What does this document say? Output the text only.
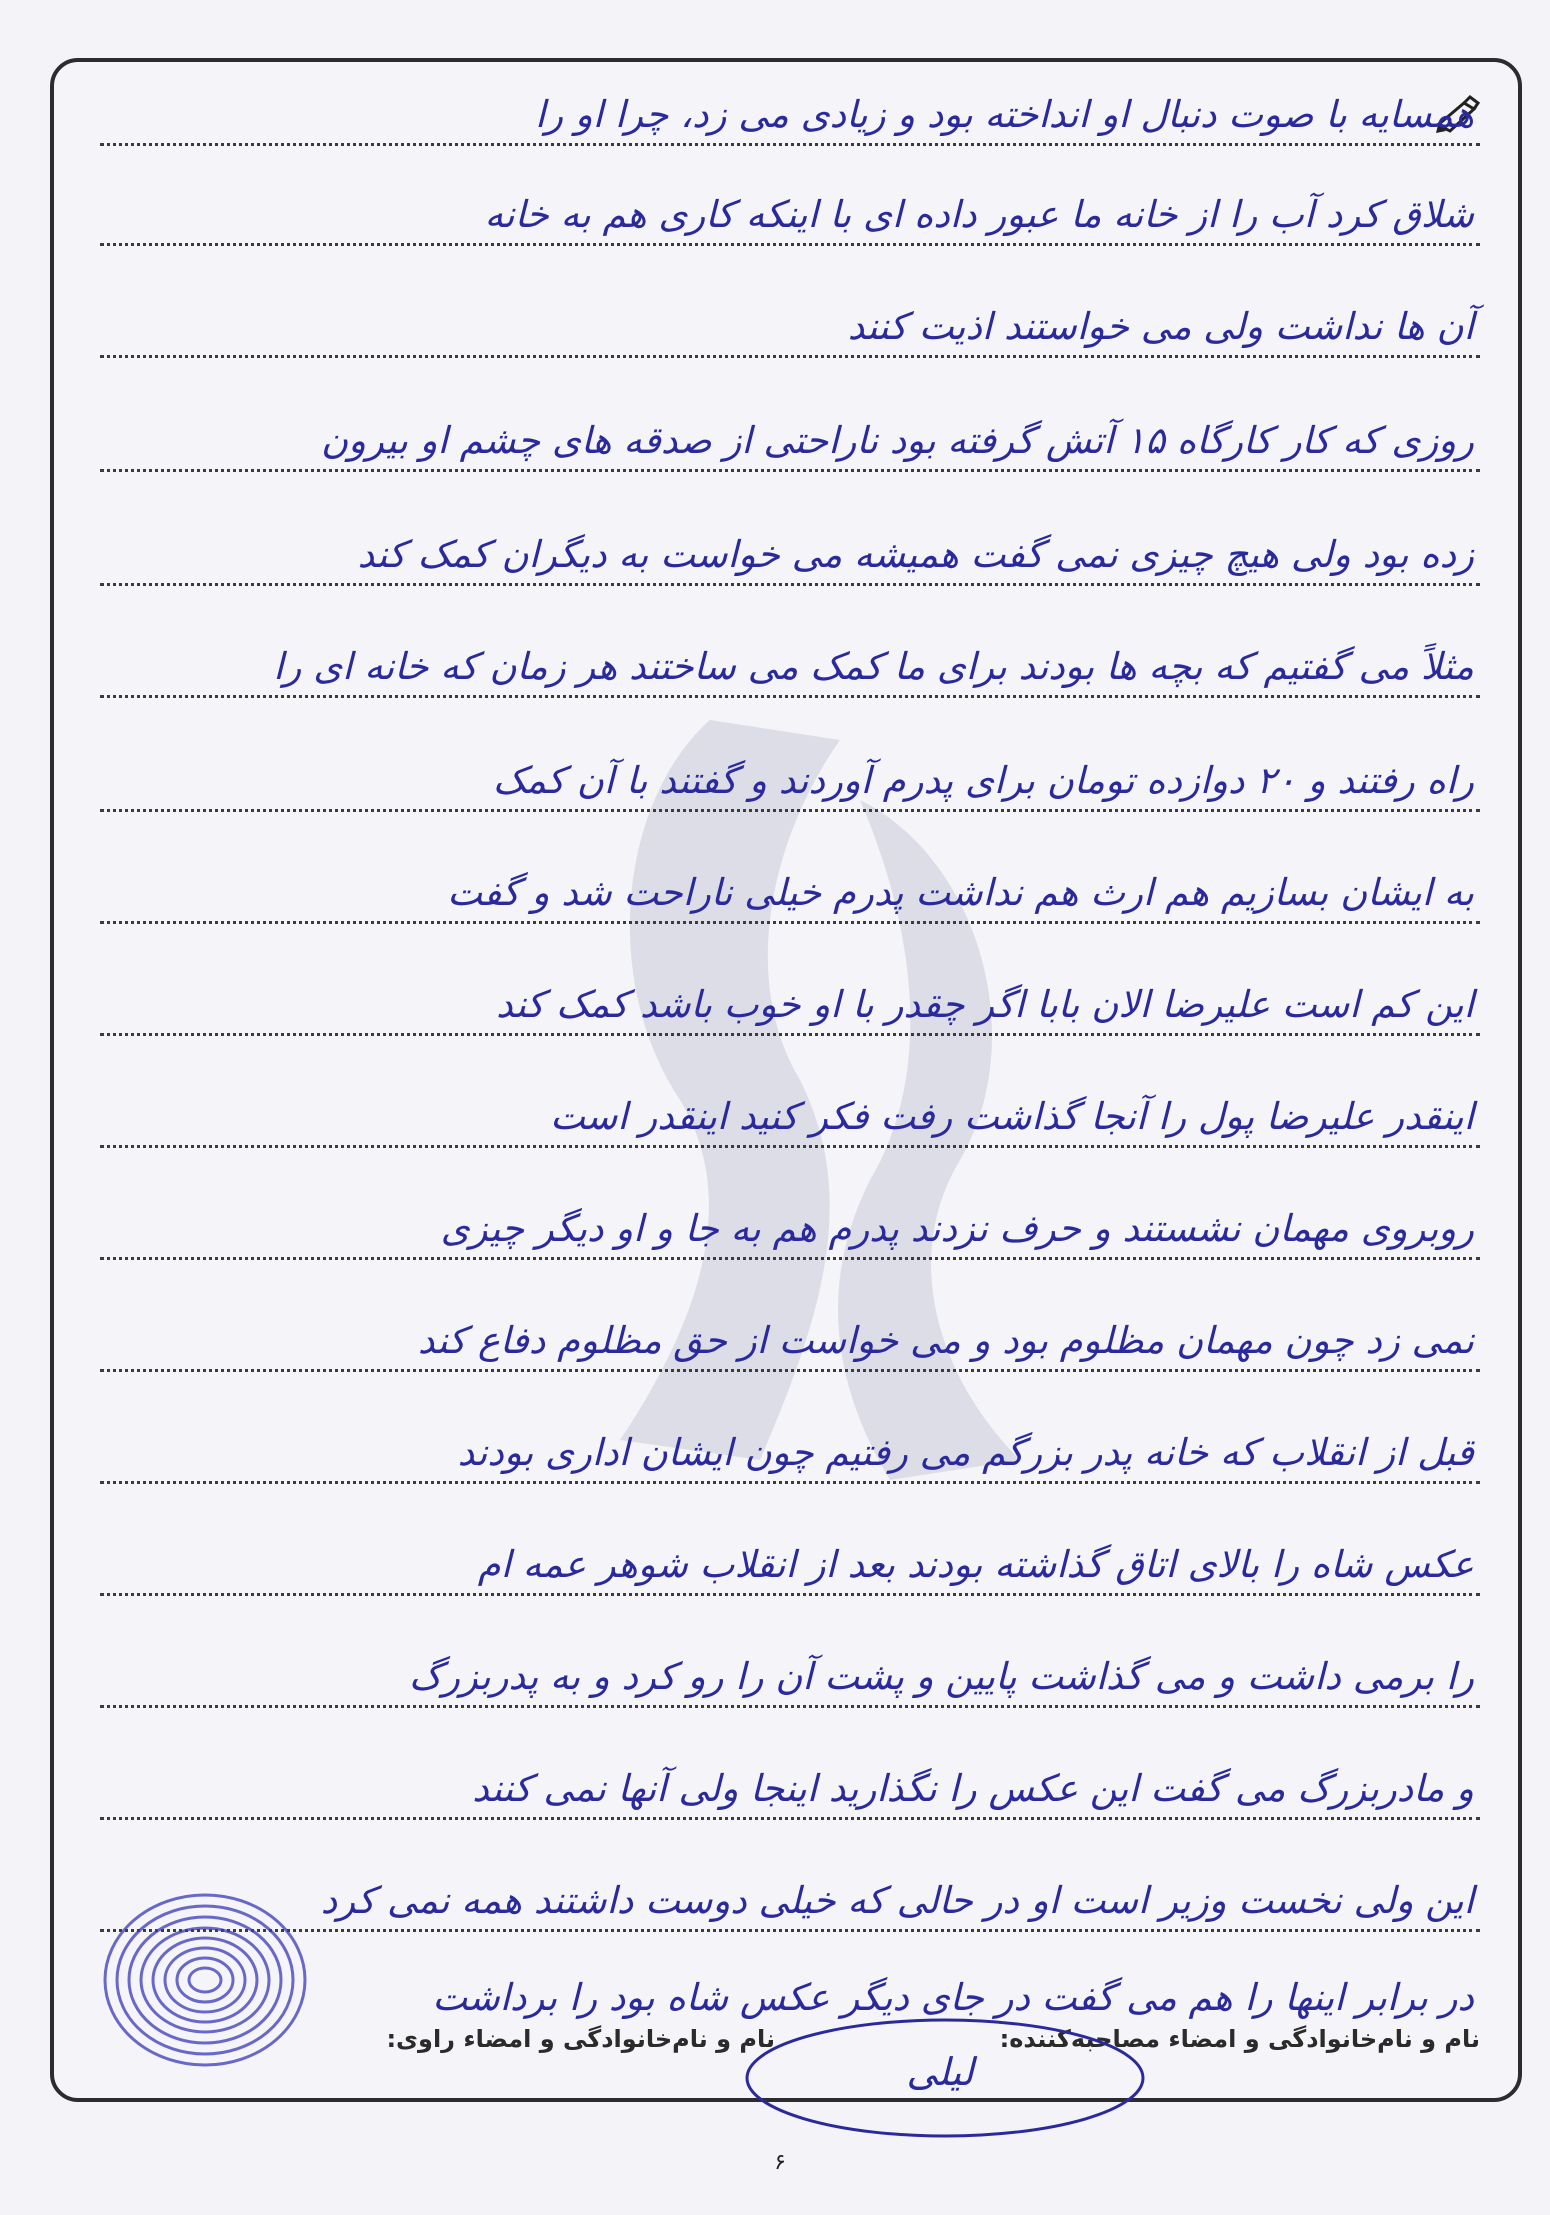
همسایه با صوت دنبال او انداخته بود و زیادی می زد، چرا او را
شلاق کرد آب را از خانه ما عبور داده ای با اینکه کاری هم به خانه
آن ها نداشت ولی می خواستند اذیت کنند
روزی که کار کارگاه ۱۵ آتش گرفته بود ناراحتی از صدقه های چشم او بیرون
زده بود ولی هیچ چیزی نمی گفت همیشه می خواست به دیگران کمک کند
مثلاً می گفتیم که بچه ها بودند برای ما کمک می ساختند هر زمان که خانه ای را
راه رفتند و ۲۰ دوازده تومان برای پدرم آوردند و گفتند با آن کمک
به ایشان بسازیم هم ارث هم نداشت پدرم خیلی ناراحت شد و گفت
این کم است علیرضا الان بابا اگر چقدر با او خوب باشد کمک کند
اینقدر علیرضا پول را آنجا گذاشت رفت فکر کنید اینقدر است
روبروی مهمان نشستند و حرف نزدند پدرم هم به جا و او دیگر چیزی
نمی زد چون مهمان مظلوم بود و می خواست از حق مظلوم دفاع کند
قبل از انقلاب که خانه پدر بزرگم می رفتیم چون ایشان اداری بودند
عکس شاه را بالای اتاق گذاشته بودند بعد از انقلاب شوهر عمه ام
را برمی داشت و می گذاشت پایین و پشت آن را رو کرد و به پدربزرگ
و مادربزرگ می گفت این عکس را نگذارید اینجا ولی آنها نمی کنند
این ولی نخست وزیر است او در حالی که خیلی دوست داشتند همه نمی کرد
در برابر اینها را هم می گفت در جای دیگر عکس شاه بود را برداشت
نام و نام‌خانوادگی و امضاء مصاحبه‌کننده:
نام و نام‌خانوادگی و امضاء راوی:
لیلی
۶
